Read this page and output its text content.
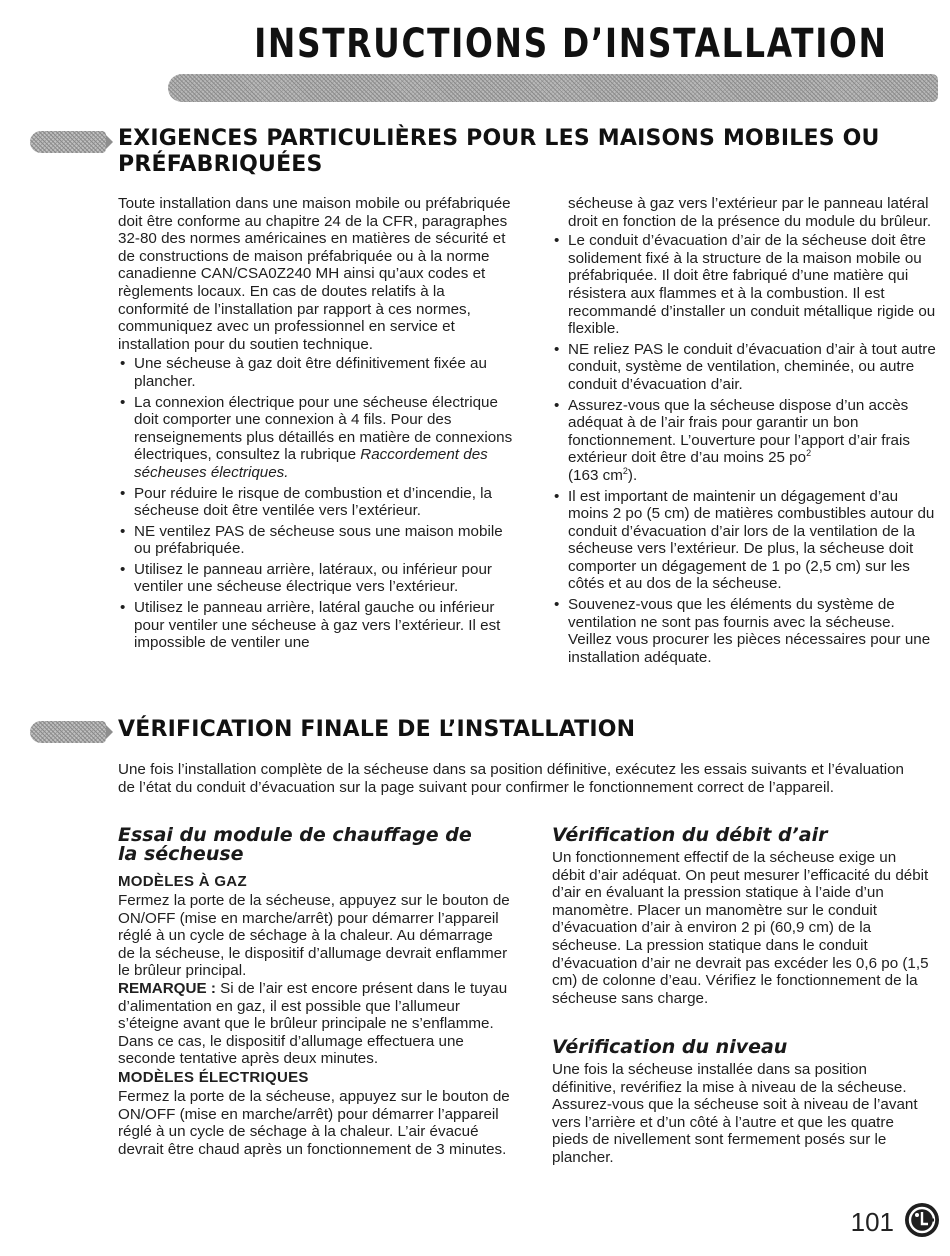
INSTRUCTIONS D’INSTALLATION
EXIGENCES PARTICULIÈRES POUR LES MAISONS MOBILES OU
PRÉFABRIQUÉES

Toute installation dans une maison mobile ou préfabriquée doit être conforme au chapitre 24 de la CFR, paragraphes 32-80 des normes américaines en matières de sécurité et de constructions de maison préfabriquée ou à la norme canadienne CAN/CSA0Z240 MH ainsi qu’aux codes et règlements locaux. En cas de doutes relatifs à la conformité de l’installation par rapport à ces normes, communiquez avec un professionnel en service et installation pour du soutien technique.

• Une sécheuse à gaz doit être définitivement fixée au plancher.
• La connexion électrique pour une sécheuse électrique doit comporter une connexion à 4 fils. Pour des renseignements plus détaillés en matière de connexions électriques, consultez la rubrique Raccordement des sécheuses électriques.
• Pour réduire le risque de combustion et d’incendie, la sécheuse doit être ventilée vers l’extérieur.
• NE ventilez PAS de sécheuse sous une maison mobile ou préfabriquée.
• Utilisez le panneau arrière, latéraux, ou inférieur pour ventiler une sécheuse électrique vers l’extérieur.
• Utilisez le panneau arrière, latéral gauche ou inférieur pour ventiler une sécheuse à gaz vers l’extérieur. Il est impossible de ventiler une

sécheuse à gaz vers l’extérieur par le panneau latéral droit en fonction de la présence du module du brûleur.

• Le conduit d’évacuation d’air de la sécheuse doit être solidement fixé à la structure de la maison mobile ou préfabriquée. Il doit être fabriqué d’une matière qui résistera aux flammes et à la combustion. Il est recommandé d’installer un conduit métallique rigide ou flexible.
• NE reliez PAS le conduit d’évacuation d’air à tout autre conduit, système de ventilation, cheminée, ou autre conduit d’évacuation d’air.
• Assurez-vous que la sécheuse dispose d’un accès adéquat à de l’air frais pour garantir un bon fonctionnement. L’ouverture pour l’apport d’air frais extérieur doit être d’au moins 25 $po^2$
(163 $cm^2$).
• Il est important de maintenir un dégagement d’au moins 2 po (5 cm) de matières combustibles autour du conduit d’évacuation d’air lors de la ventilation de la sécheuse vers l’extérieur. De plus, la sécheuse doit comporter un dégagement de 1 po (2,5 cm) sur les côtés et au dos de la sécheuse.
• Souvenez-vous que les éléments du système de ventilation ne sont pas fournis avec la sécheuse. Veillez vous procurer les pièces nécessaires pour une installation adéquate.
VÉRIFICATION FINALE DE L’INSTALLATION

Une fois l’installation complète de la sécheuse dans sa position définitive, exécutez les essais suivants et l’évaluation de l’état du conduit d’évacuation sur la page suivant pour confirmer le fonctionnement correct de l’appareil.

Essai du module de chauffage de
la sécheuse
MODÈLES À GAZ

Fermez la porte de la sécheuse, appuyez sur le bouton de ON/OFF (mise en marche/arrêt) pour démarrer l’appareil réglé à un cycle de séchage à la chaleur. Au démarrage de la sécheuse, le dispositif d’allumage devrait enflammer le brûleur principal.

REMARQUE : Si de l’air est encore présent dans le tuyau d’alimentation en gaz, il est possible que l’allumeur s’éteigne avant que le brûleur principale ne s’enflamme. Dans ce cas, le dispositif d’allumage effectuera une seconde tentative après deux minutes.

MODÈLES ÉLECTRIQUES

Fermez la porte de la sécheuse, appuyez sur le bouton de ON/OFF (mise en marche/arrêt) pour démarrer l’appareil réglé à un cycle de séchage à la chaleur. L’air évacué devrait être chaud après un fonctionnement de 3 minutes.

Vérification du débit d’air

Un fonctionnement effectif de la sécheuse exige un débit d’air adéquat. On peut mesurer l’efficacité du débit d’air en évaluant la pression statique à l’aide d’un manomètre. Placer un manomètre sur le conduit d’évacuation d’air à environ 2 pi (60,9 cm) de la sécheuse. La pression statique dans le conduit d’évacuation d’air ne devrait pas excéder les 0,6 po (1,5 cm) de colonne d’eau. Vérifiez le fonctionnement de la sécheuse sans charge.

Vérification du niveau

Une fois la sécheuse installée dans sa position définitive, revérifiez la mise à niveau de la sécheuse. Assurez-vous que la sécheuse soit à niveau de l’avant vers l’arrière et d’un côté à l’autre et que les quatre pieds de nivellement sont fermement posés sur le plancher.

101
